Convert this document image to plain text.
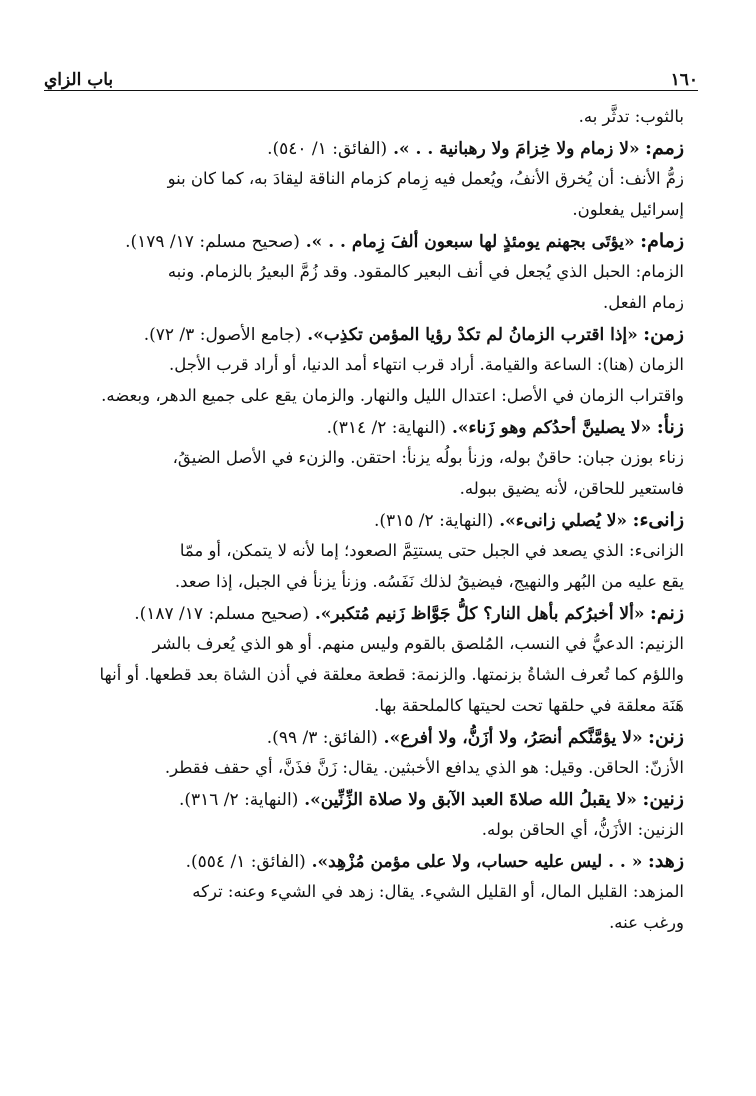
١٦٠
باب الزاي
بالثوب: تدثَّر به.
زمم: «لا زمام ولا خِزامَ ولا رهبانية . . ». (الفائق: ١/ ٥٤٠).
زمُّ الأنف: أن يُخرق الأنفُ، ويُعمل فيه زِمام كزمام الناقة ليقادَ به، كما كان بنو
إسرائيل يفعلون.
زمام: «يؤتَى بجهنم يومئذٍ لها سبعون ألفَ زِمام . . ». (صحيح مسلم: ١٧/ ١٧٩).
الزمام: الحبل الذي يُجعل في أنف البعير كالمقود. وقد زُمَّ البعيرُ بالزمام. ونبه
زمام الفعل.
زمن: «إذا اقترب الزمانُ لم تكدْ رؤيا المؤمن تكذِب». (جامع الأصول: ٣/ ٧٢).
الزمان (هنا): الساعة والقيامة. أراد قرب انتهاء أمد الدنيا، أو أراد قرب الأجل.
واقتراب الزمان في الأصل: اعتدال الليل والنهار. والزمان يقع على جميع الدهر، وبعضه.
زنأ: «لا يصلينَّ أحدُكم وهو زَناء». (النهاية: ٢/ ٣١٤).
زناء بوزن جبان: حاقنٌ بوله، وزنأ بولُه يزنأ: احتقن. والزنء في الأصل الضيقُ،
فاستعير للحاقن، لأنه يضيق ببوله.
زانىء: «لا يُصلي زانىء». (النهاية: ٢/ ٣١٥).
الزانىء: الذي يصعد في الجبل حتى يستتِمَّ الصعود؛ إما لأنه لا يتمكن، أو ممّا
يقع عليه من البُهر والنهيج، فيضيقُ لذلك نَفَسُه. وزنأ يزنأ في الجبل، إذا صعد.
زنم: «ألا أخبرُكم بأهل النار؟ كلُّ جَوَّاظ زَنيم مُتكبر». (صحيح مسلم: ١٧/ ١٨٧).
الزنيم: الدعيُّ في النسب، المُلصق بالقوم وليس منهم. أو هو الذي يُعرف بالشر
واللؤم كما تُعرف الشاةُ بزنمتها. والزنمة: قطعة معلقة في أذن الشاة بعد قطعها. أو أنها
هَنَة معلقة في حلقها تحت لحيتها كالملحقة بها.
زنن: «لا يؤمَّنَّكم أنصَرُ، ولا أزَنُّ، ولا أفرع». (الفائق: ٣/ ٩٩).
الأزنّ: الحاقن. وقيل: هو الذي يدافع الأخبثين. يقال: زَنَّ فذَنَّ، أي حقف فقطر.
زنين: «لا يقبلُ الله صلاةَ العبد الآبق ولا صلاة الزِّنِّين». (النهاية: ٢/ ٣١٦).
الزنين: الأزَنُّ، أي الحاقن بوله.
زهد: « . . ليس عليه حساب، ولا على مؤمن مُزْهِد». (الفائق: ١/ ٥٥٤).
المزهد: القليل المال، أو القليل الشيء. يقال: زهد في الشيء وعنه: تركه
ورغب عنه.
